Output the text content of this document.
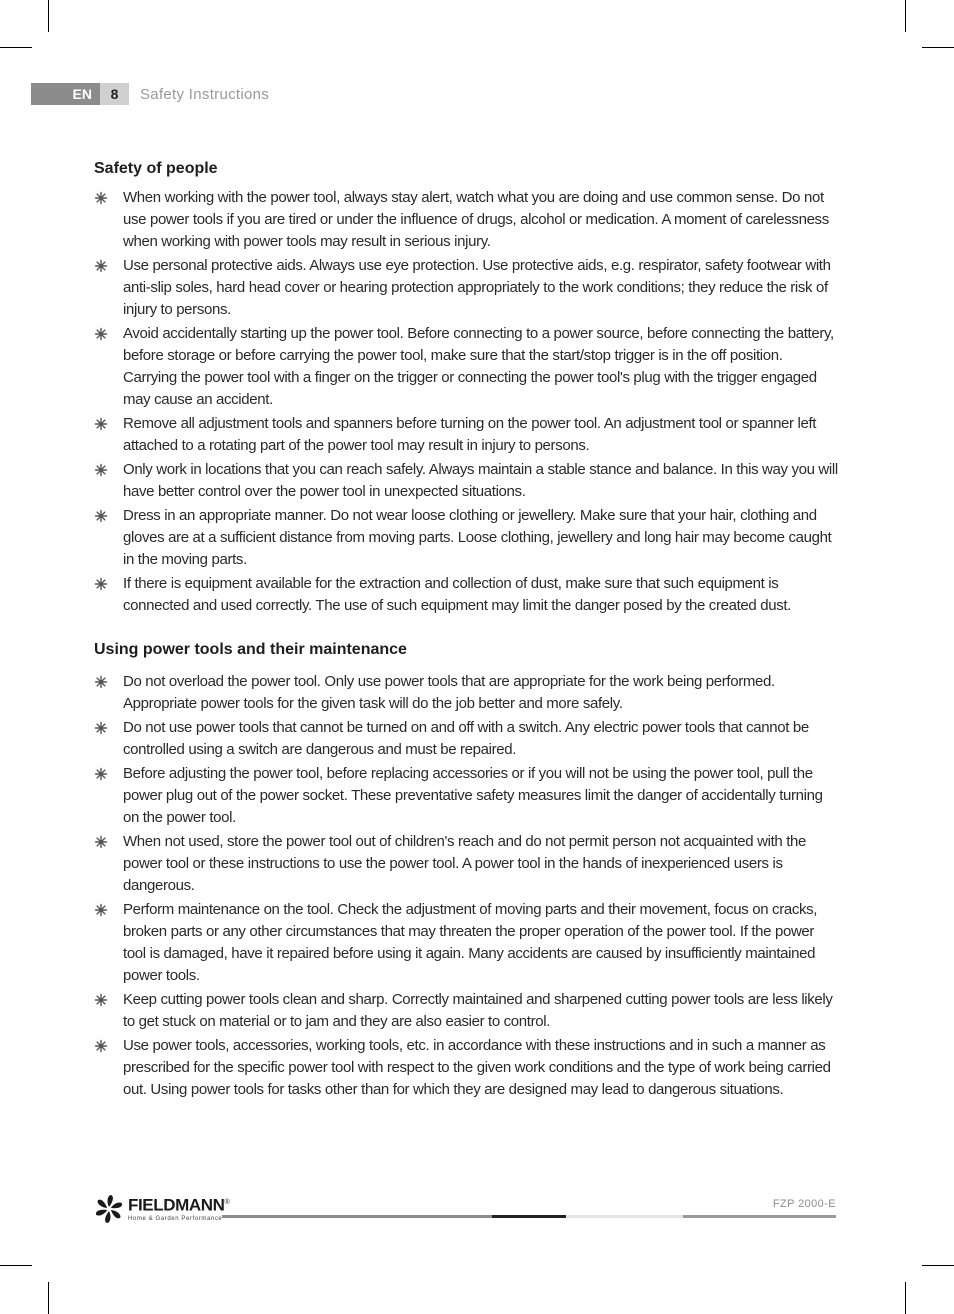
EN	8	Safety Instructions
Safety of people
When working with the power tool, always stay alert, watch what you are doing and use common sense. Do not use power tools if you are tired or under the influence of drugs, alcohol or medication. A moment of carelessness when working with power tools may result in serious injury.
Use personal protective aids. Always use eye protection. Use protective aids, e.g. respirator, safety footwear with anti-slip soles, hard head cover or hearing protection appropriately to the work conditions; they reduce the risk of injury to persons.
Avoid accidentally starting up the power tool. Before connecting to a power source, before connecting the battery, before storage or before carrying the power tool, make sure that the start/stop trigger is in the off position. Carrying the power tool with a finger on the trigger or connecting the power tool's plug with the trigger engaged may cause an accident.
Remove all adjustment tools and spanners before turning on the power tool. An adjustment tool or spanner left attached to a rotating part of the power tool may result in injury to persons.
Only work in locations that you can reach safely. Always maintain a stable stance and balance. In this way you will have better control over the power tool in unexpected situations.
Dress in an appropriate manner. Do not wear loose clothing or jewellery. Make sure that your hair, clothing and gloves are at a sufficient distance from moving parts. Loose clothing, jewellery and long hair may become caught in the moving parts.
If there is equipment available for the extraction and collection of dust, make sure that such equipment is connected and used correctly. The use of such equipment may limit the danger posed by the created dust.
Using power tools and their maintenance
Do not overload the power tool. Only use power tools that are appropriate for the work being performed. Appropriate power tools for the given task will do the job better and more safely.
Do not use power tools that cannot be turned on and off with a switch. Any electric power tools that cannot be controlled using a switch are dangerous and must be repaired.
Before adjusting the power tool, before replacing accessories or if you will not be using the power tool, pull the power plug out of the power socket. These preventative safety measures limit the danger of accidentally turning on the power tool.
When not used, store the power tool out of children's reach and do not permit person not acquainted with the power tool or these instructions to use the power tool. A power tool in the hands of inexperienced users is dangerous.
Perform maintenance on the tool. Check the adjustment of moving parts and their movement, focus on cracks, broken parts or any other circumstances that may threaten the proper operation of the power tool. If the power tool is damaged, have it repaired before using it again. Many accidents are caused by insufficiently maintained power tools.
Keep cutting power tools clean and sharp. Correctly maintained and sharpened cutting power tools are less likely to get stuck on material or to jam and they are also easier to control.
Use power tools, accessories, working tools, etc. in accordance with these instructions and in such a manner as prescribed for the specific power tool with respect to the given work conditions and the type of work being carried out. Using power tools for tasks other than for which they are designed may lead to dangerous situations.
FIELDMANN®
Home & Garden Performance
FZP 2000-E
